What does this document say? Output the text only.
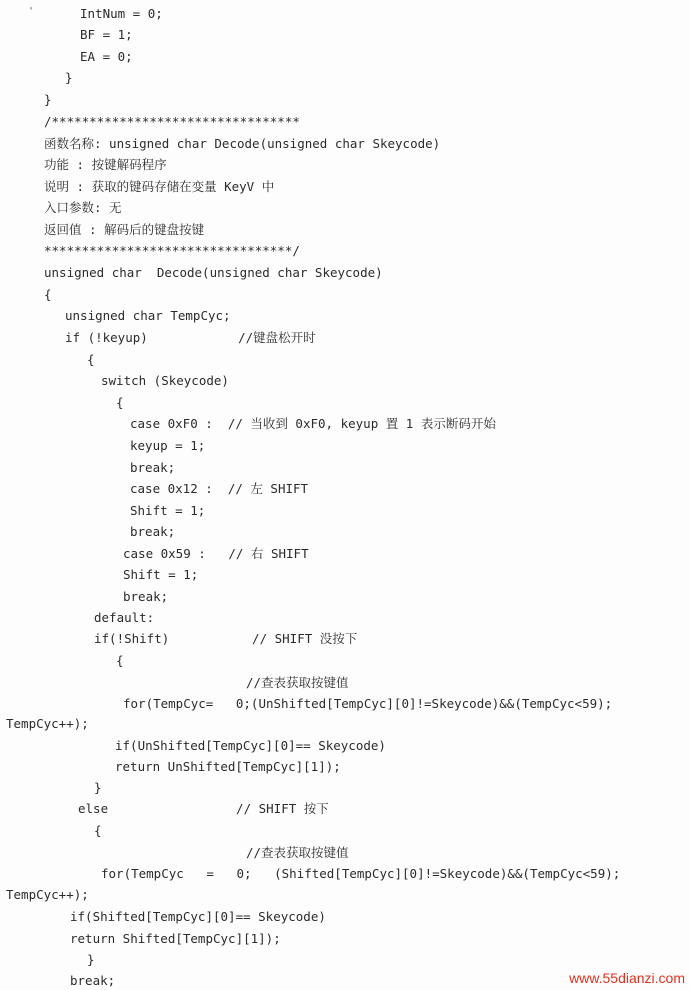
'	IntNum = 0;
BF = 1;
EA = 0;
}
}
/*********************************
函数名称: unsigned char Decode(unsigned char Skeycode)
功能 : 按键解码程序
说明 : 获取的键码存储在变量 KeyV 中
入口参数: 无
返回值 : 解码后的键盘按键
*********************************/
unsigned char  Decode(unsigned char Skeycode)
{
unsigned char TempCyc;
if (!keyup)            //键盘松开时
{
switch (Skeycode)
{
case 0xF0 :  // 当收到 0xF0, keyup 置 1 表示断码开始
keyup = 1;
break;
case 0x12 :  // 左 SHIFT
Shift = 1;
break;
case 0x59 :   // 右 SHIFT
Shift = 1;
break;
default:
if(!Shift)           // SHIFT 没按下
{
//查表获取按键值
for(TempCyc=   0;(UnShifted[TempCyc][0]!=Skeycode)&&(TempCyc<59);
TempCyc++);
if(UnShifted[TempCyc][0]== Skeycode)
return UnShifted[TempCyc][1]);
}
else                 // SHIFT 按下
{
//查表获取按键值
for(TempCyc   =   0;   (Shifted[TempCyc][0]!=Skeycode)&&(TempCyc<59);
TempCyc++);
if(Shifted[TempCyc][0]== Skeycode)
return Shifted[TempCyc][1]);
}
break;	www.55dianzi.com
